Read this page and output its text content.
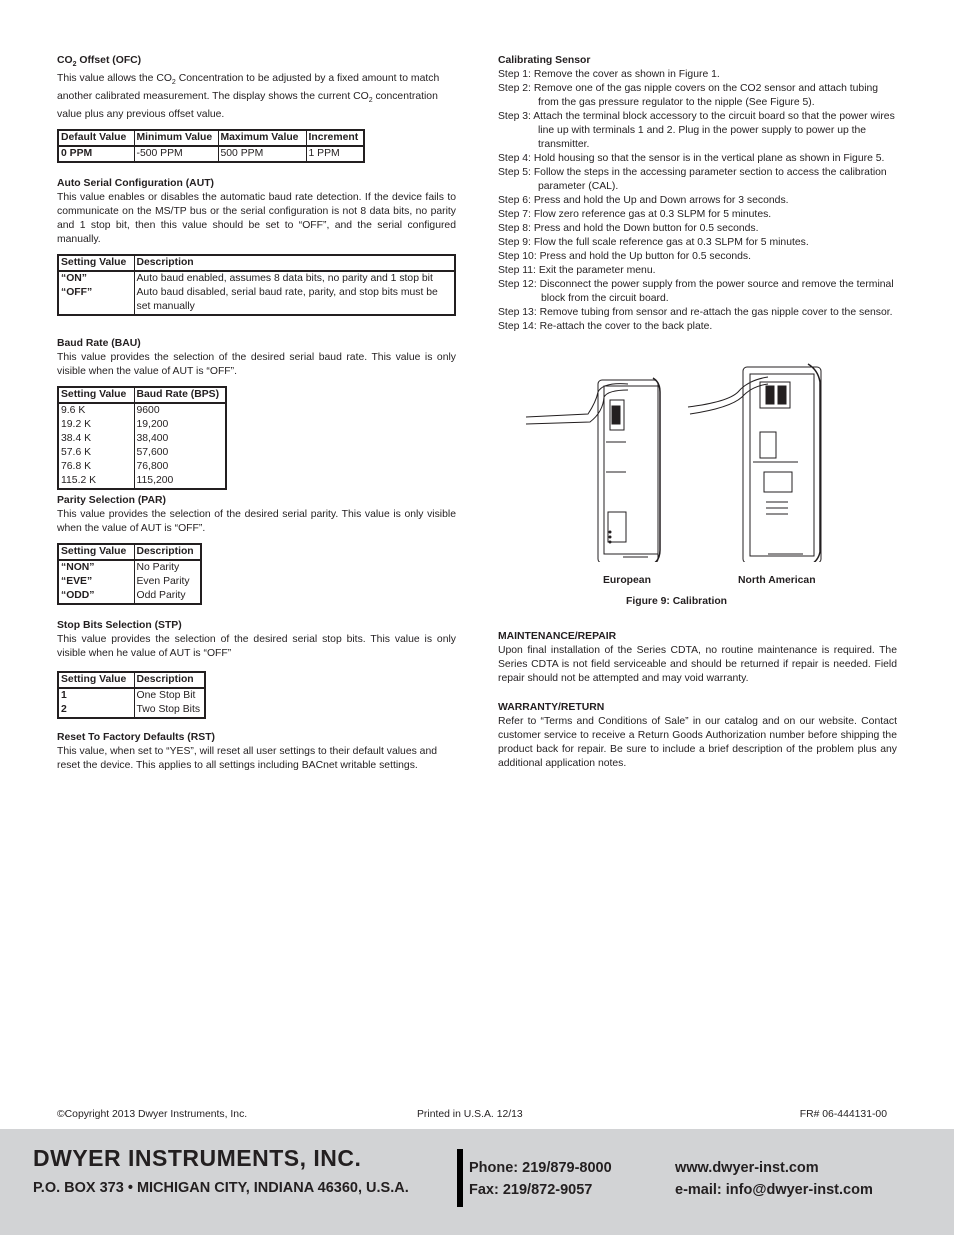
$CO_2$ Offset (OFC)

This value allows the $CO_2$ Concentration to be adjusted by a fixed amount to match another calibrated measurement. The display shows the current $CO_2$ concentration value plus any previous offset value.

Default Value	Minimum Value	Maximum Value	Increment
0 PPM	-500 PPM	500 PPM	1 PPM
Auto Serial Configuration (AUT)

This value enables or disables the automatic baud rate detection. If the device fails to communicate on the MS/TP bus or the serial configuration is not 8 data bits, no parity and 1 stop bit, then this value should be set to “OFF”, and the serial configured manually.

Setting Value	Description
“ON”	Auto baud enabled, assumes 8 data bits, no parity and 1 stop bit
“OFF”	Auto baud disabled, serial baud rate, parity, and stop bits must be set manually
Baud Rate (BAU)

This value provides the selection of the desired serial baud rate. This value is only visible when the value of AUT is “OFF”.

Setting Value	Baud Rate (BPS)
9.6 K	9600
19.2 K	19,200
38.4 K	38,400
57.6 K	57,600
76.8 K	76,800
115.2 K	115,200
Parity Selection (PAR)

This value provides the selection of the desired serial parity. This value is only visible when the value of AUT is “OFF”.

Setting Value	Description
“NON”	No Parity
“EVE”	Even Parity
“ODD”	Odd Parity
Stop Bits Selection (STP)

This value provides the selection of the desired serial stop bits. This value is only visible when he value of AUT is “OFF”

Setting Value	Description
1	One Stop Bit
2	Two Stop Bits
Reset To Factory Defaults (RST)

This value, when set to “YES”, will reset all user settings to their default values and reset the device. This applies to all settings including BACnet writable settings.

Calibrating Sensor
Step 1: Remove the cover as shown in Figure 1.
Step 2: Remove one of the gas nipple covers on the CO2 sensor and attach tubing from the gas pressure regulator to the nipple (See Figure 5).
Step 3: Attach the terminal block accessory to the circuit board so that the power wires line up with terminals 1 and 2. Plug in the power supply to power up the transmitter.
Step 4: Hold housing so that the sensor is in the vertical plane as shown in Figure 5.
Step 5: Follow the steps in the accessing parameter section to access the calibration parameter (CAL).
Step 6: Press and hold the Up and Down arrows for 3 seconds.
Step 7: Flow zero reference gas at 0.3 SLPM for 5 minutes.
Step 8: Press and hold the Down button for 0.5 seconds.
Step 9: Flow the full scale reference gas at 0.3 SLPM for 5 minutes.
Step 10: Press and hold the Up button for 0.5 seconds.
Step 11: Exit the parameter menu.
Step 12: Disconnect the power supply from the power source and remove the terminal block from the circuit board.
Step 13: Remove tubing from sensor and re-attach the gas nipple cover to the sensor.
Step 14: Re-attach the cover to the back plate.
European	North American
Figure 9: Calibration
MAINTENANCE/REPAIR

Upon final installation of the Series CDTA, no routine maintenance is required. The Series CDTA is not field serviceable and should be returned if repair is needed. Field repair should not be attempted and may void warranty.

WARRANTY/RETURN

Refer to “Terms and Conditions of Sale” in our catalog and on our website. Contact customer service to receive a Return Goods Authorization number before shipping the product back for repair. Be sure to include a brief description of the problem plus any additional application notes.

©Copyright 2013 Dwyer Instruments, Inc.	Printed in U.S.A. 12/13	FR# 06-444131-00
DWYER INSTRUMENTS, INC.
P.O. BOX 373 • MICHIGAN CITY, INDIANA 46360, U.S.A.
Phone: 219/879-8000
Fax: 219/872-9057
www.dwyer-inst.com
e-mail: info@dwyer-inst.com
